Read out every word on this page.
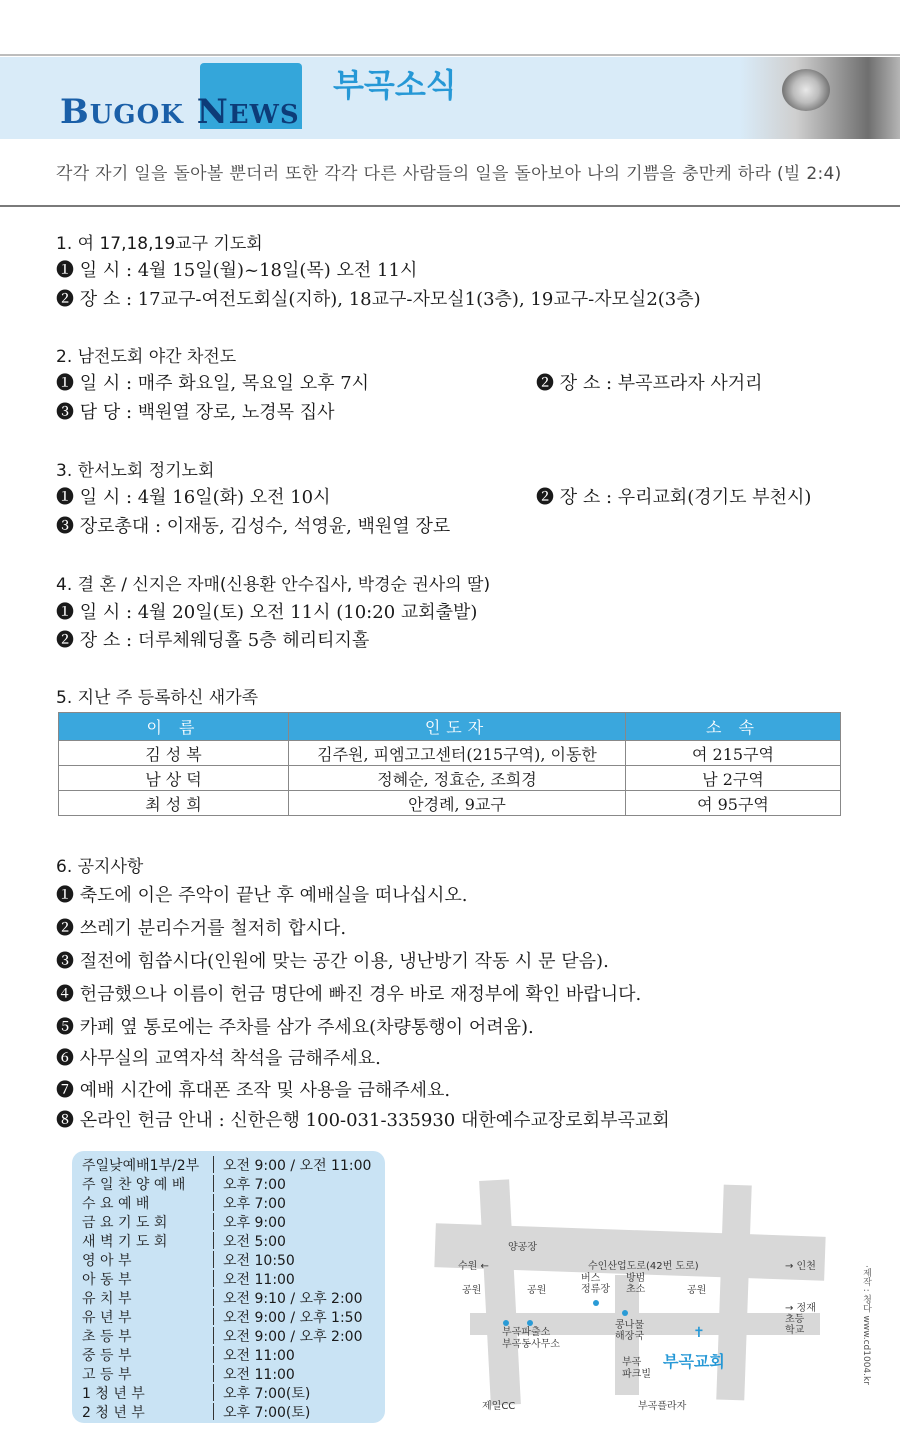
BUGOK NEWS
부곡소식
각각 자기 일을 돌아볼 뿐더러 또한 각각 다른 사람들의 일을 돌아보아 나의 기쁨을 충만케 하라 (빌 2:4)
1. 여 17,18,19교구 기도회
❶ 일 시 : 4월 15일(월)~18일(목) 오전 11시
❷ 장 소 : 17교구-여전도회실(지하), 18교구-자모실1(3층), 19교구-자모실2(3층)
2. 남전도회 야간 차전도
❶ 일 시 : 매주 화요일, 목요일 오후 7시	❷ 장 소 : 부곡프라자 사거리
❸ 담 당 : 백원열 장로, 노경목 집사
3. 한서노회 정기노회
❶ 일 시 : 4월 16일(화) 오전 10시	❷ 장 소 : 우리교회(경기도 부천시)
❸ 장로총대 : 이재동, 김성수, 석영윤, 백원열 장로
4. 결 혼 / 신지은 자매(신용환 안수집사, 박경순 권사의 딸)
❶ 일 시 : 4월 20일(토) 오전 11시 (10:20 교회출발)
❷ 장 소 : 더루체웨딩홀 5층 헤리티지홀
5. 지난 주 등록하신 새가족
이 름	인도자	소 속
김 성 복	김주원, 피엠고고센터(215구역), 이동한	여 215구역
남 상 덕	정혜순, 정효순, 조희경	남 2구역
최 성 희	안경례, 9교구	여 95구역
6. 공지사항
❶ 축도에 이은 주악이 끝난 후 예배실을 떠나십시오.
❷ 쓰레기 분리수거를 철저히 합시다.
❸ 절전에 힘씁시다(인원에 맞는 공간 이용, 냉난방기 작동 시 문 닫음).
❹ 헌금했으나 이름이 헌금 명단에 빠진 경우 바로 재정부에 확인 바랍니다.
❺ 카페 옆 통로에는 주차를 삼가 주세요(차량통행이 어려움).
❻ 사무실의 교역자석 착석을 금해주세요.
❼ 예배 시간에 휴대폰 조작 및 사용을 금해주세요.
❽ 온라인 헌금 안내 : 신한은행 100-031-335930 대한예수교장로회부곡교회
주일낮예배1부/2부 오전 9:00 / 오전 11:00
주 일 찬 양 예 배	오후 7:00
수 요 예 배	오후 7:00
금 요 기 도 회	오후 9:00
새 벽 기 도 회	오전 5:00
영 아 부	오전 10:50
아 동 부	오전 11:00
유 치 부	오전 9:10 / 오후 2:00
유 년 부	오전 9:00 / 오후 1:50
초 등 부	오전 9:00 / 오후 2:00
중 등 부	오전 11:00
고 등 부	오전 11:00
1 청 년 부	오후 7:00(토)
2 청 년 부	오후 7:00(토)
양공장
수원 ←	수인산업도로(42번 도로)	→ 인천
공원	공원	공원
버스
정류장
방범
초소
→ 정재
초등
학교
부곡파출소
부곡동사무소
콩나물
해장국
부곡
파크빌
부곡교회
제일CC	부곡플라자
✝	·제작 : 청다 www.cd1004.kr
